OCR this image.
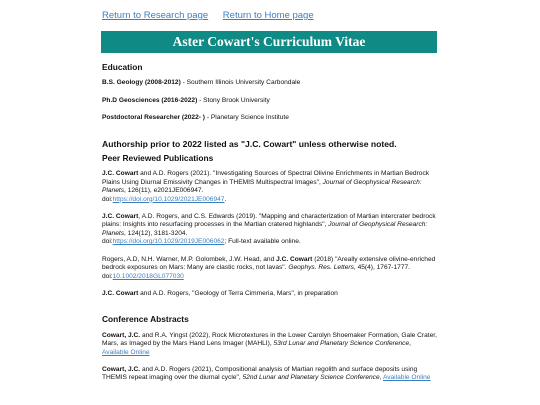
Return to Research page Return to Home page
Aster Cowart's Curriculum Vitae
Education

B.S. Geology (2008-2012) - Southern Illinois University Carbondale

Ph.D Geosciences (2016-2022) - Stony Brook University

Postdoctoral Researcher (2022- ) - Planetary Science Institute

Authorship prior to 2022 listed as "J.C. Cowart" unless otherwise noted.

Peer Reviewed Publications

J.C. Cowart and A.D. Rogers (2021). "Investigating Sources of Spectral Olivine Enrichments in Martian Bedrock Plains Using Diurnal Emissivity Changes in THEMIS Multispectral Images", Journal of Geophysical Research: Planets, 126(11), e2021JE006947.
doi:https://doi.org/10.1029/2021JE006947.

J.C. Cowart, A.D. Rogers, and C.S. Edwards (2019). "Mapping and characterization of Martian intercrater bedrock plains: Insights into resurfacing processes in the Martian cratered highlands", Journal of Geophysical Research: Planets, 124(12), 3181-3204.
doi:https://doi.org/10.1029/2019JE006062; Full-text available online.

Rogers, A.D, N.H. Warner, M.P. Golombek, J.W. Head, and J.C. Cowart (2018) "Areally extensive olivine-enriched bedrock exposures on Mars: Many are clastic rocks, not lavas". Geophys. Res. Letters, 45(4), 1767-1777. doi:10.1002/2018GL077030

J.C. Cowart and A.D. Rogers, "Geology of Terra Cimmeria, Mars", in preparation

Conference Abstracts

Cowart, J.C. and R.A. Yingst (2022), Rock Microtextures in the Lower Carolyn Shoemaker Formation, Gale Crater, Mars, as Imaged by the Mars Hand Lens Imager (MAHLI), 53rd Lunar and Planetary Science Conference, Available Online

Cowart, J.C. and A.D. Rogers (2021), Compositional analysis of Martian regolith and surface deposits using THEMIS repeat imaging over the diurnal cycle", 52nd Lunar and Planetary Science Conference, Available Online
